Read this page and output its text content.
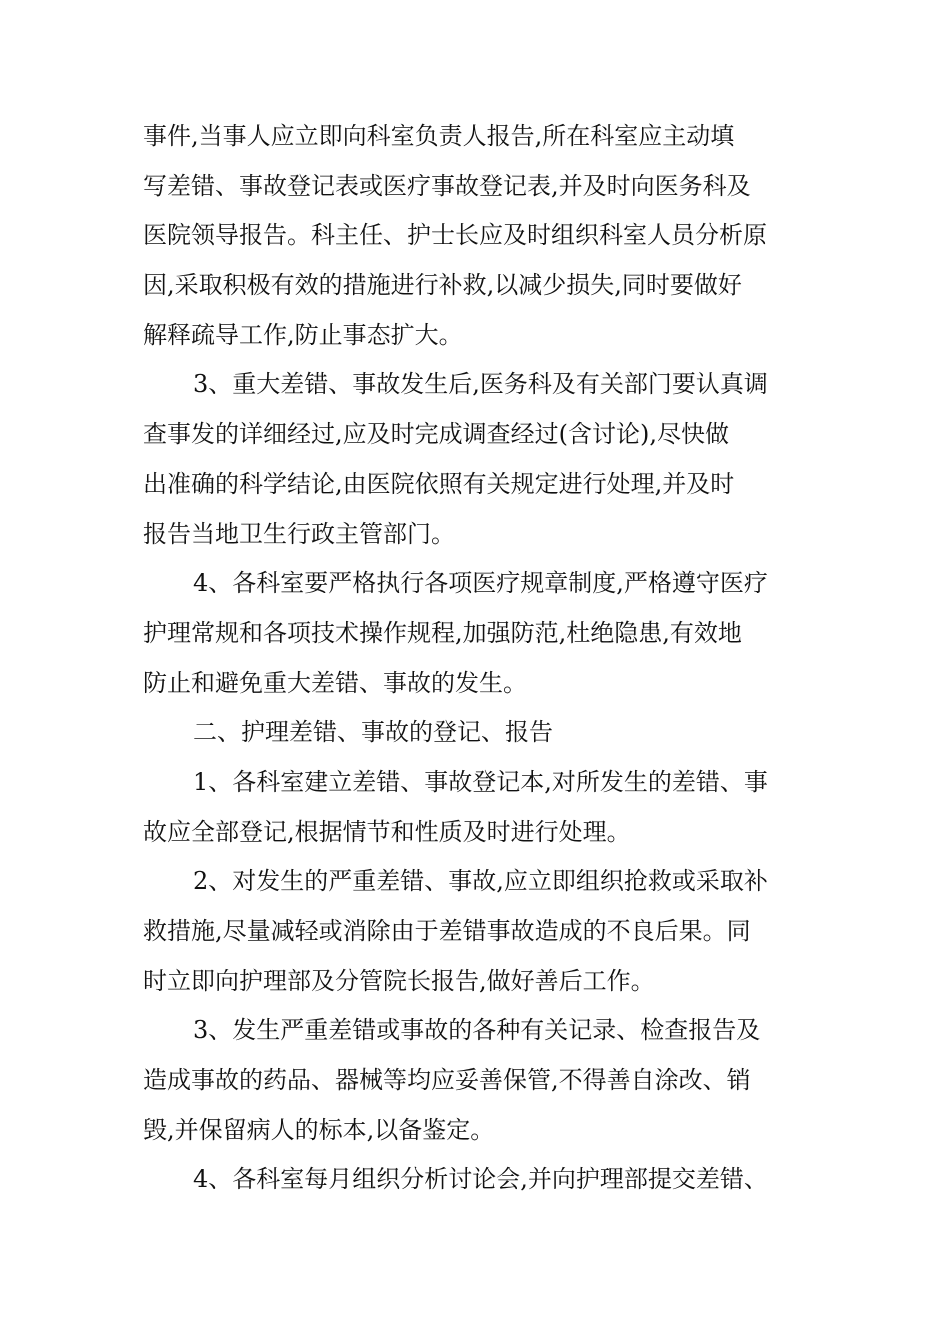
事件,当事人应立即向科室负责人报告,所在科室应主动填
写差错、事故登记表或医疗事故登记表,并及时向医务科及
医院领导报告。科主任、护士长应及时组织科室人员分析原
因,采取积极有效的措施进行补救,以减少损失,同时要做好
解释疏导工作,防止事态扩大。
3、重大差错、事故发生后,医务科及有关部门要认真调
查事发的详细经过,应及时完成调查经过(含讨论),尽快做
出准确的科学结论,由医院依照有关规定进行处理,并及时
报告当地卫生行政主管部门。
4、各科室要严格执行各项医疗规章制度,严格遵守医疗
护理常规和各项技术操作规程,加强防范,杜绝隐患,有效地
防止和避免重大差错、事故的发生。
二、护理差错、事故的登记、报告
1、各科室建立差错、事故登记本,对所发生的差错、事
故应全部登记,根据情节和性质及时进行处理。
2、对发生的严重差错、事故,应立即组织抢救或采取补
救措施,尽量减轻或消除由于差错事故造成的不良后果。同
时立即向护理部及分管院长报告,做好善后工作。
3、发生严重差错或事故的各种有关记录、检查报告及
造成事故的药品、器械等均应妥善保管,不得善自涂改、销
毁,并保留病人的标本,以备鉴定。
4、各科室每月组织分析讨论会,并向护理部提交差错、
